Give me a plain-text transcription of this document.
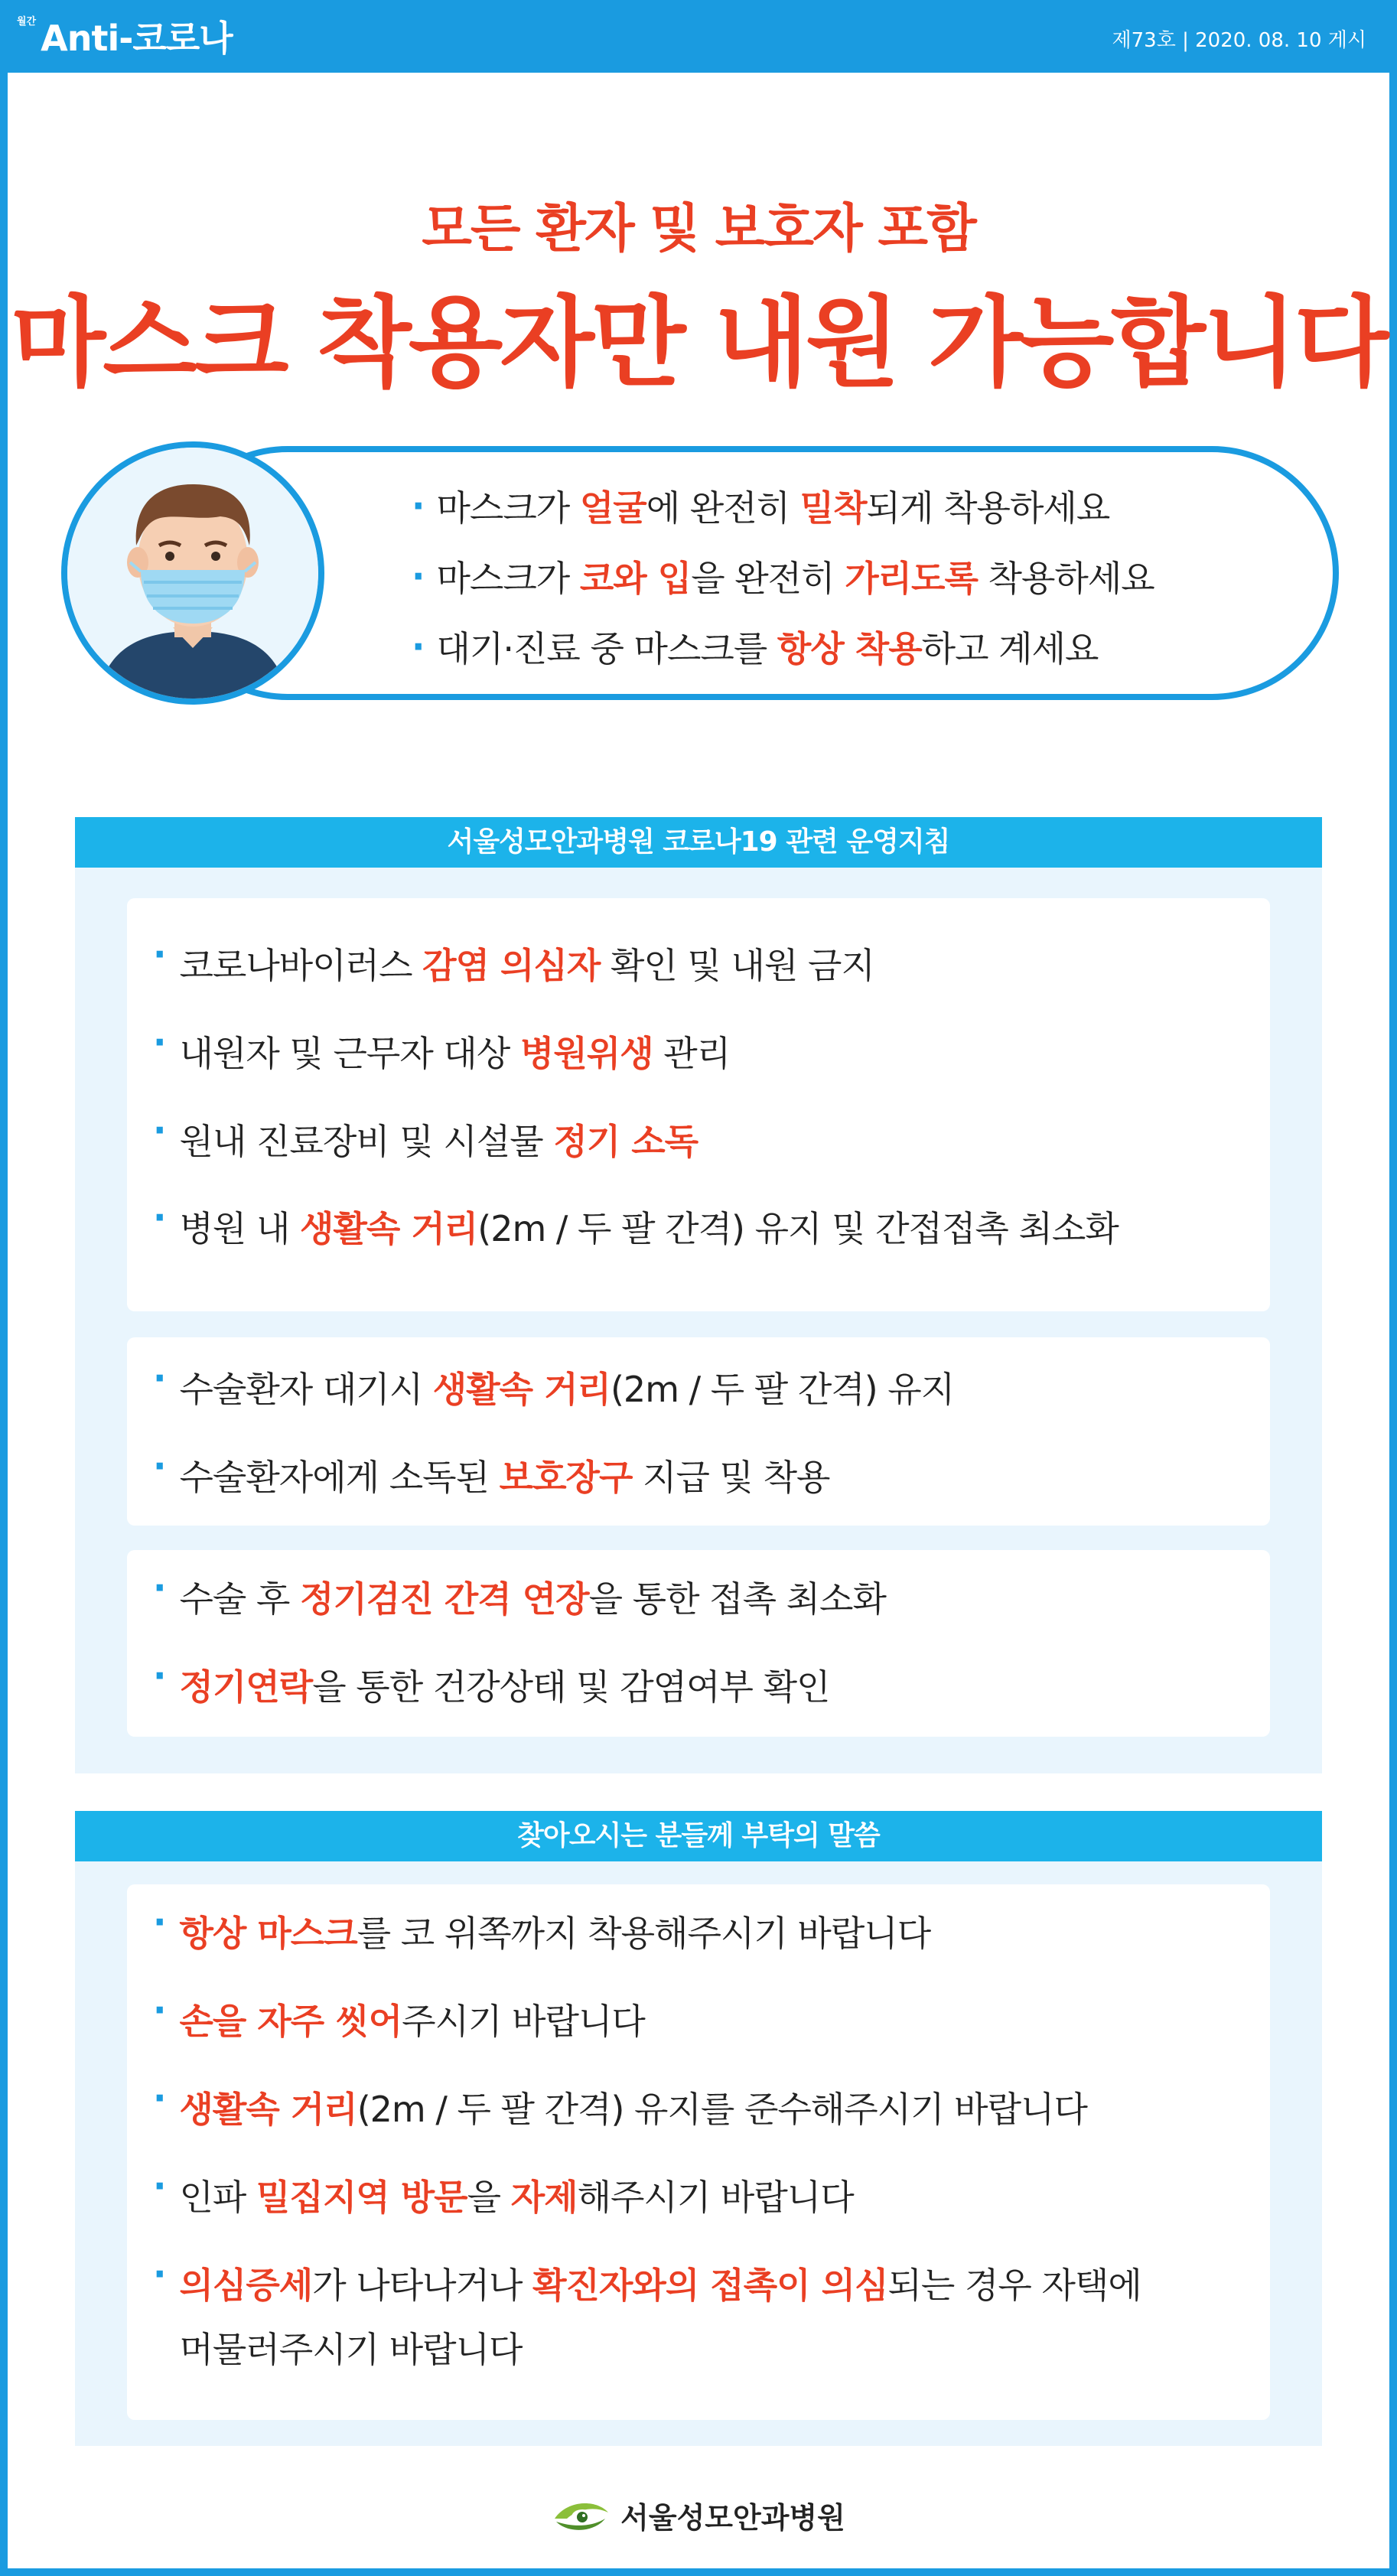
월간 Anti-코로나	제73호 | 2020. 08. 10 게시
모든 환자 및 보호자 포함
마스크 착용자만 내원 가능합니다
· 마스크가 얼굴에 완전히 밀착되게 착용하세요
· 마스크가 코와 입을 완전히 가리도록 착용하세요
· 대기·진료 중 마스크를 항상 착용하고 계세요
서울성모안과병원 코로나19 관련 운영지침
· 코로나바이러스 감염 의심자 확인 및 내원 금지
· 내원자 및 근무자 대상 병원위생 관리
· 원내 진료장비 및 시설물 정기 소독
· 병원 내 생활속 거리(2m / 두 팔 간격) 유지 및 간접접촉 최소화
· 수술환자 대기시 생활속 거리(2m / 두 팔 간격) 유지
· 수술환자에게 소독된 보호장구 지급 및 착용
· 수술 후 정기검진 간격 연장을 통한 접촉 최소화
· 정기연락을 통한 건강상태 및 감염여부 확인
찾아오시는 분들께 부탁의 말씀
· 항상 마스크를 코 위쪽까지 착용해주시기 바랍니다
· 손을 자주 씻어주시기 바랍니다
· 생활속 거리(2m / 두 팔 간격) 유지를 준수해주시기 바랍니다
· 인파 밀집지역 방문을 자제해주시기 바랍니다
· 의심증세가 나타나거나 확진자와의 접촉이 의심되는 경우 자택에
머물러주시기 바랍니다
서울성모안과병원
